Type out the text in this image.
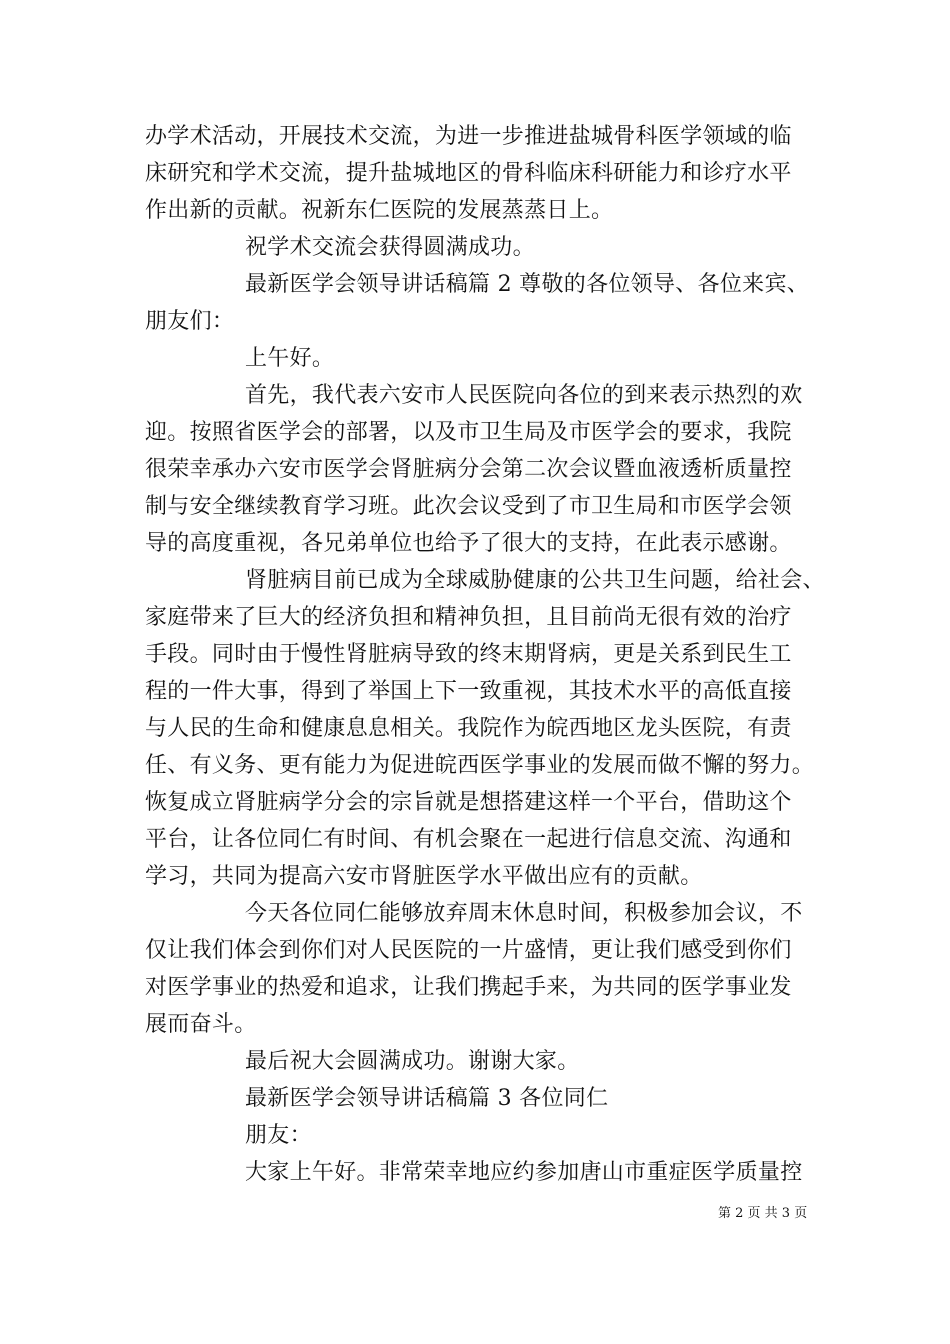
办学术活动，开展技术交流，为进一步推进盐城骨科医学领域的临
床研究和学术交流，提升盐城地区的骨科临床科研能力和诊疗水平
作出新的贡献。祝新东仁医院的发展蒸蒸日上。
祝学术交流会获得圆满成功。
最新医学会领导讲话稿篇 2 尊敬的各位领导、各位来宾、
朋友们：
上午好。
首先，我代表六安市人民医院向各位的到来表示热烈的欢
迎。按照省医学会的部署，以及市卫生局及市医学会的要求，我院
很荣幸承办六安市医学会肾脏病分会第二次会议暨血液透析质量控
制与安全继续教育学习班。此次会议受到了市卫生局和市医学会领
导的高度重视，各兄弟单位也给予了很大的支持，在此表示感谢。
肾脏病目前已成为全球威胁健康的公共卫生问题，给社会、
家庭带来了巨大的经济负担和精神负担，且目前尚无很有效的治疗
手段。同时由于慢性肾脏病导致的终末期肾病，更是关系到民生工
程的一件大事，得到了举国上下一致重视，其技术水平的高低直接
与人民的生命和健康息息相关。我院作为皖西地区龙头医院，有责
任、有义务、更有能力为促进皖西医学事业的发展而做不懈的努力。
恢复成立肾脏病学分会的宗旨就是想搭建这样一个平台，借助这个
平台，让各位同仁有时间、有机会聚在一起进行信息交流、沟通和
学习，共同为提高六安市肾脏医学水平做出应有的贡献。
今天各位同仁能够放弃周末休息时间，积极参加会议，不
仅让我们体会到你们对人民医院的一片盛情，更让我们感受到你们
对医学事业的热爱和追求，让我们携起手来，为共同的医学事业发
展而奋斗。
最后祝大会圆满成功。谢谢大家。
最新医学会领导讲话稿篇 3 各位同仁
朋友：
大家上午好。非常荣幸地应约参加唐山市重症医学质量控
第 2 页 共 3 页
